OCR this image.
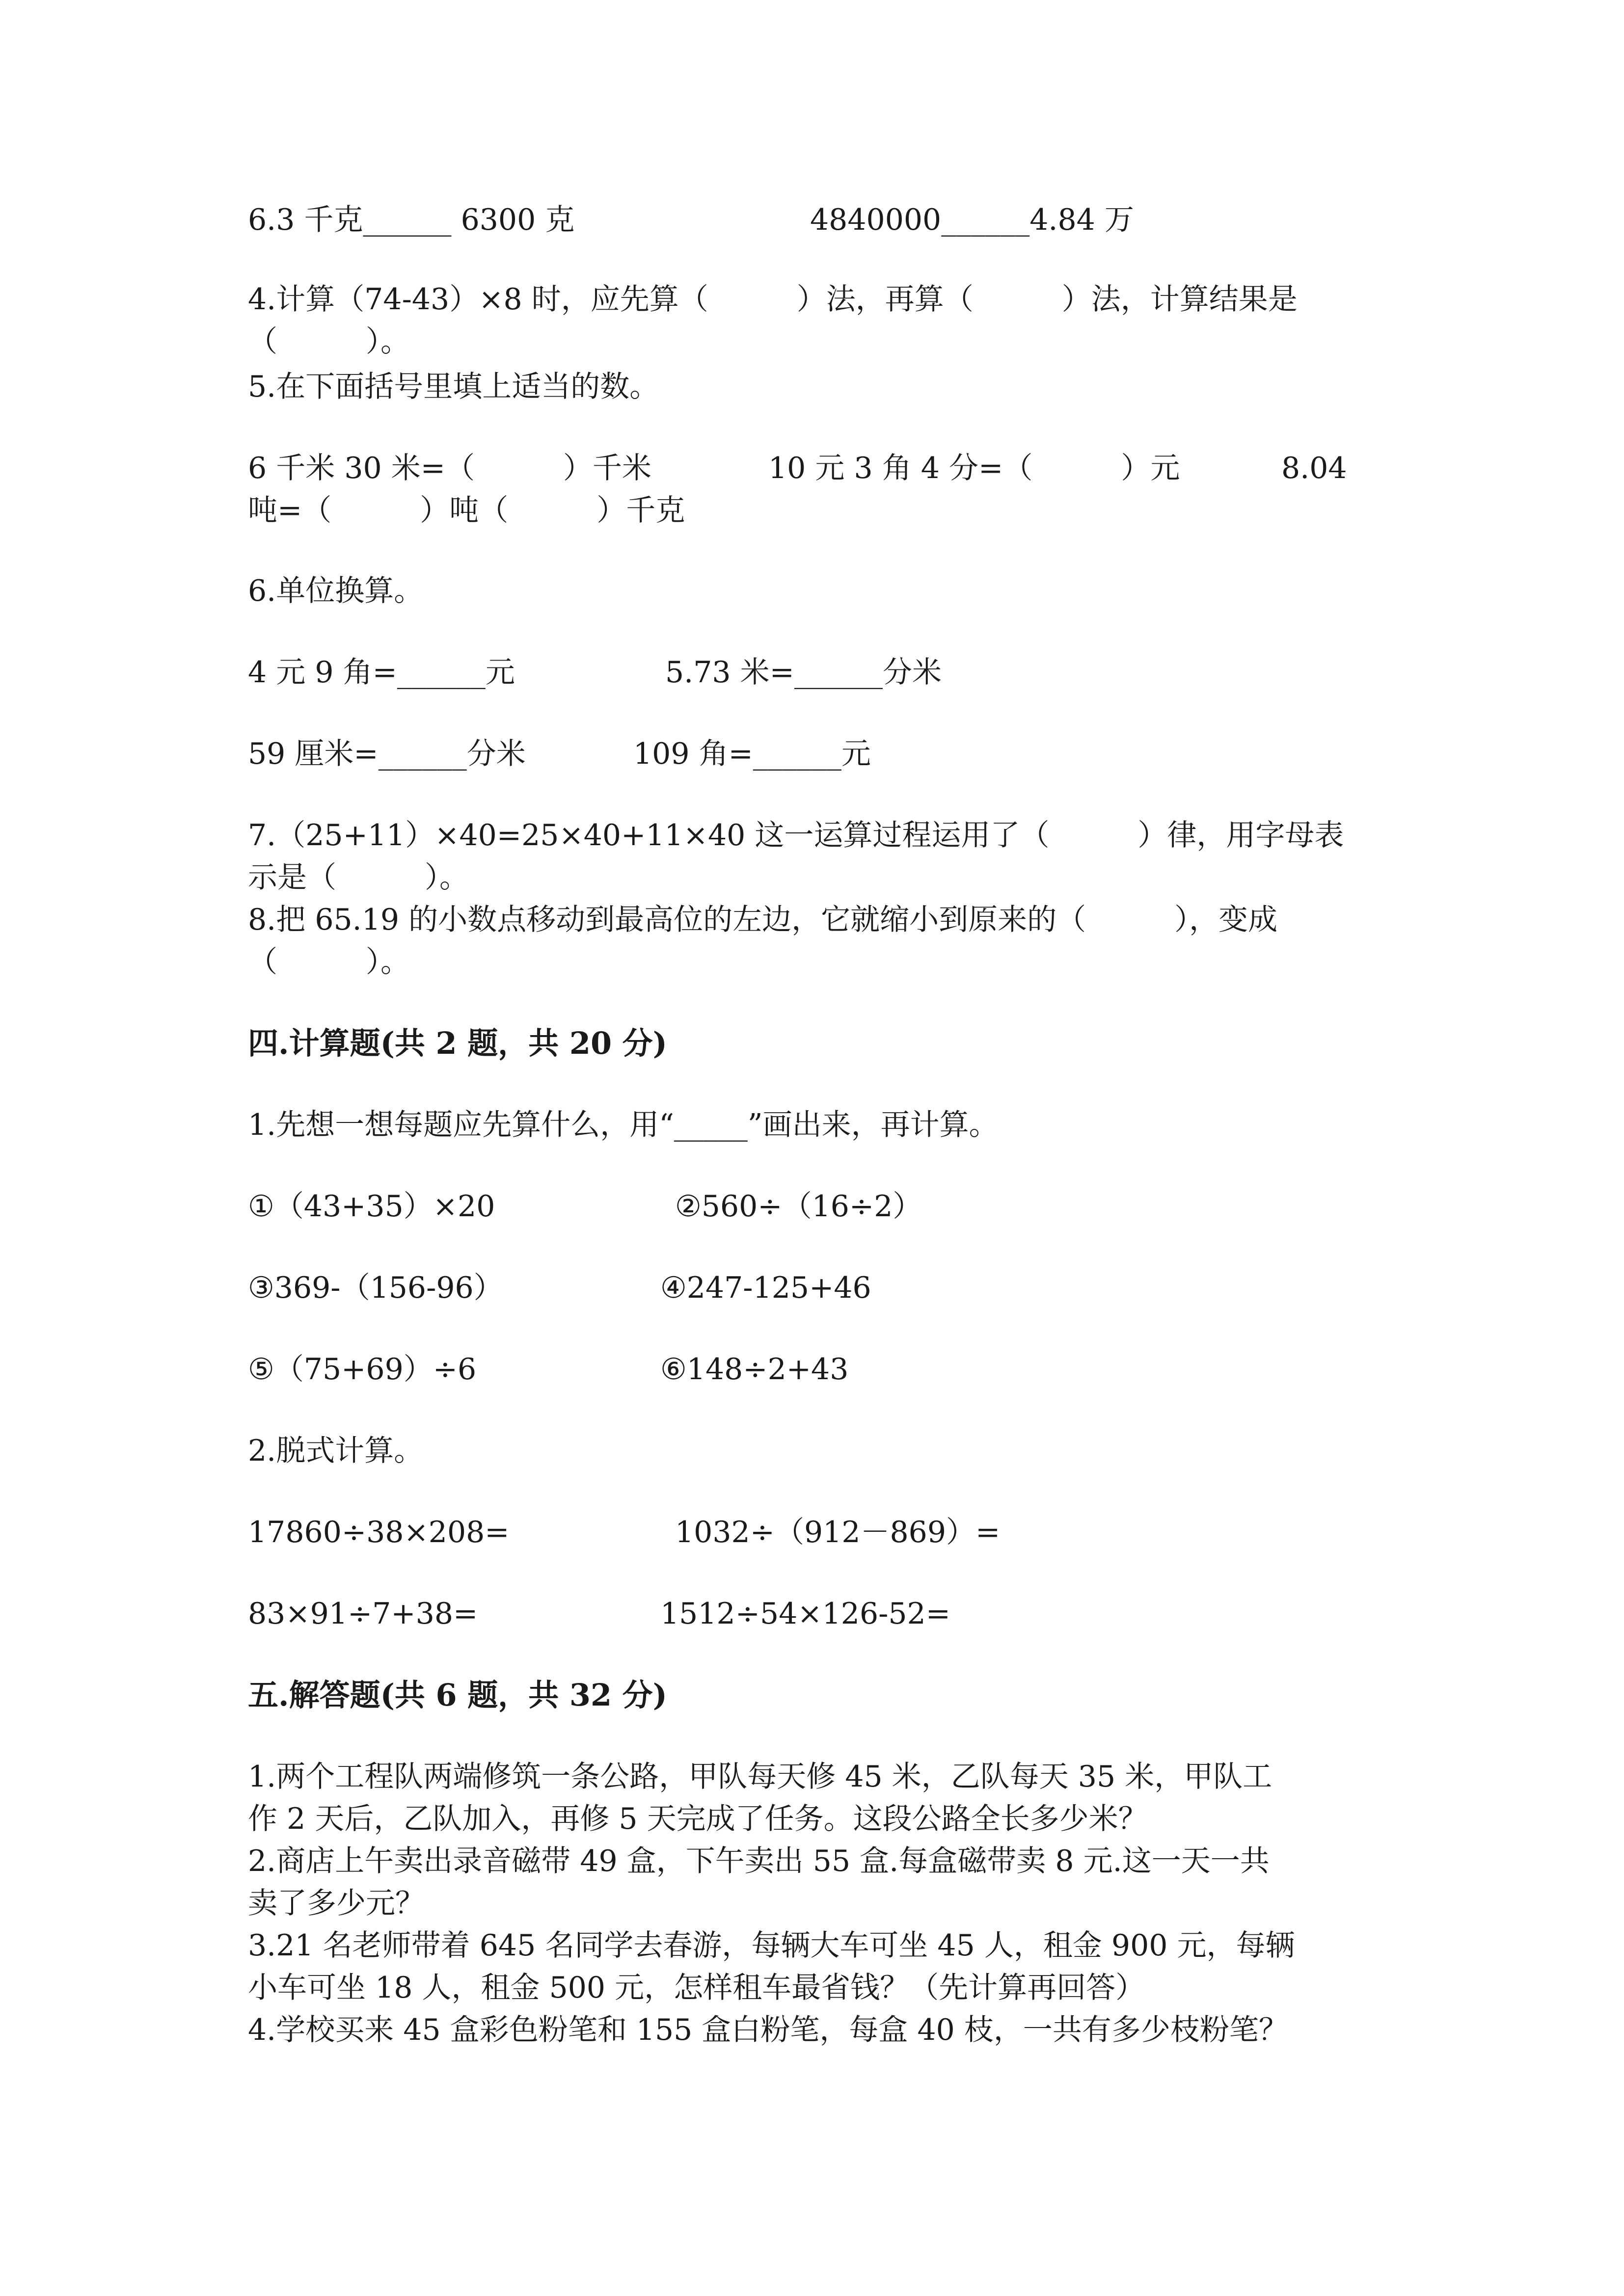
6.3 千克______ 6300 克	4840000______4.84 万
4.计算（74-43）×8 时，应先算（　　　）法，再算（　　　）法，计算结果是
（　　　）。
5.在下面括号里填上适当的数。
6 千米 30 米=（　　　）千米	10 元 3 角 4 分=（　　　）元	8.04
吨=（　　　）吨（　　　）千克
6.单位换算。
4 元 9 角=______元	5.73 米=______分米
59 厘米=______分米	109 角=______元
7.（25+11）×40=25×40+11×40 这一运算过程运用了（　　　）律，用字母表
示是（　　　）。
8.把 65.19 的小数点移动到最高位的左边，它就缩小到原来的（　　　），变成
（　　　）。
四.计算题(共 2 题，共 20 分)
1.先想一想每题应先算什么，用“_____”画出来，再计算。
①（43+35）×20	②560÷（16÷2）
③369-（156-96）	④247-125+46
⑤（75+69）÷6	⑥148÷2+43
2.脱式计算。
17860÷38×208=	1032÷（912－869）=
83×91÷7+38=	1512÷54×126-52=
五.解答题(共 6 题，共 32 分)
1.两个工程队两端修筑一条公路，甲队每天修 45 米，乙队每天 35 米，甲队工
作 2 天后，乙队加入，再修 5 天完成了任务。这段公路全长多少米？
2.商店上午卖出录音磁带 49 盒，下午卖出 55 盒.每盒磁带卖 8 元.这一天一共
卖了多少元？
3.21 名老师带着 645 名同学去春游，每辆大车可坐 45 人，租金 900 元，每辆
小车可坐 18 人，租金 500 元，怎样租车最省钱？（先计算再回答）
4.学校买来 45 盒彩色粉笔和 155 盒白粉笔，每盒 40 枝，一共有多少枝粉笔？
